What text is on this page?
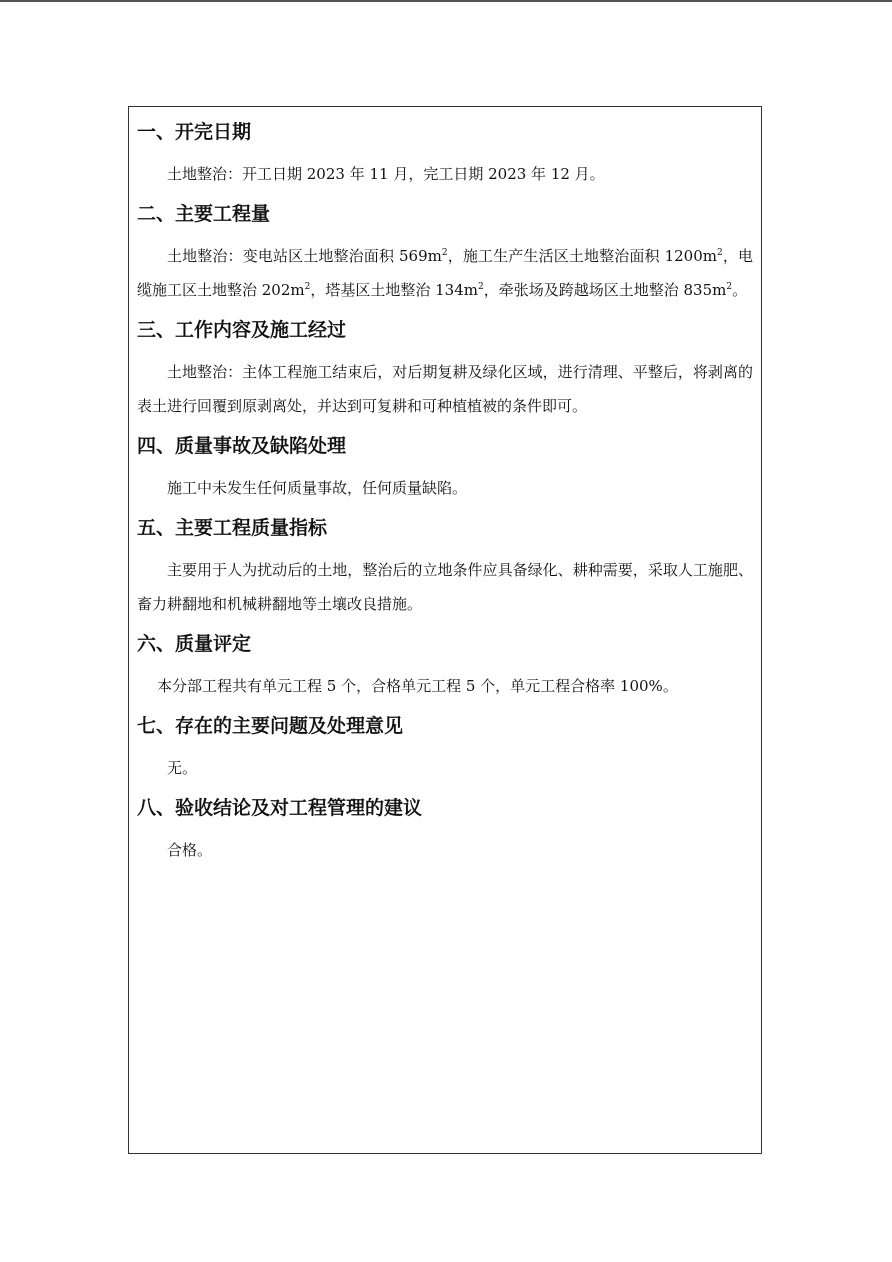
一、开完日期
土地整治：开工日期 2023 年 11 月，完工日期 2023 年 12 月。
二、主要工程量
土地整治：变电站区土地整治面积 $569m^2$，施工生产生活区土地整治面积 $1200m^2$，电缆施工区土地整治 $202m^2$，塔基区土地整治 $134m^2$，牵张场及跨越场区土地整治 $835m^2$。
三、工作内容及施工经过
土地整治：主体工程施工结束后，对后期复耕及绿化区域，进行清理、平整后，将剥离的表土进行回覆到原剥离处，并达到可复耕和可种植植被的条件即可。
四、质量事故及缺陷处理
施工中未发生任何质量事故，任何质量缺陷。
五、主要工程质量指标
主要用于人为扰动后的土地，整治后的立地条件应具备绿化、耕种需要，采取人工施肥、畜力耕翻地和机械耕翻地等土壤改良措施。
六、质量评定
本分部工程共有单元工程 5 个，合格单元工程 5 个，单元工程合格率 100%。
七、存在的主要问题及处理意见
无。
八、验收结论及对工程管理的建议
合格。
